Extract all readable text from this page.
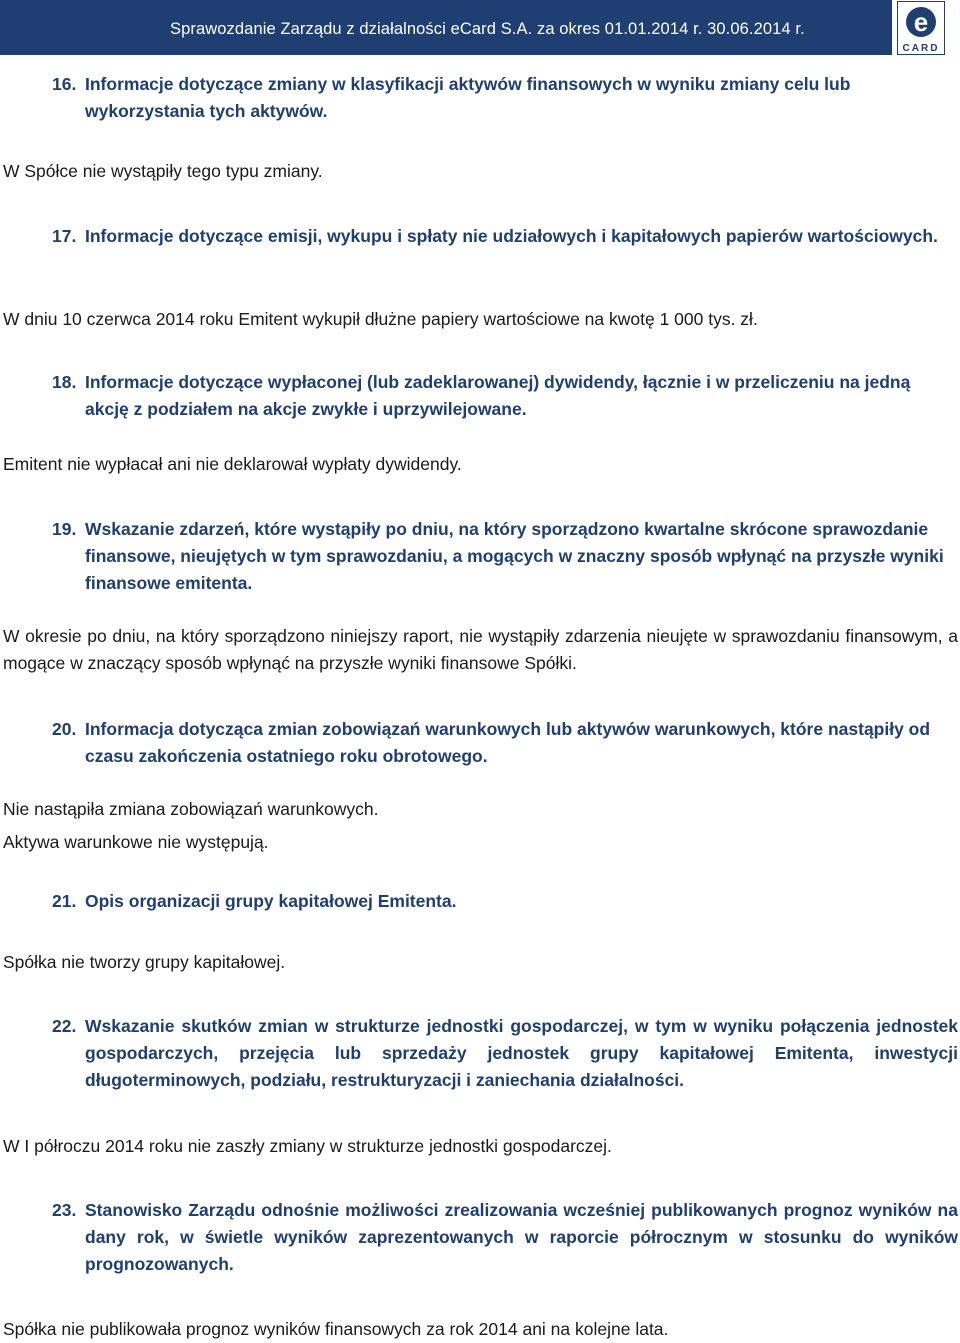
Sprawozdanie Zarządu z działalności eCard S.A. za okres 01.01.2014 r. 30.06.2014 r.	e
CARD
16. Informacje dotyczące zmiany w klasyfikacji aktywów finansowych w wyniku zmiany celu lub wykorzystania tych aktywów.
W Spółce nie wystąpiły tego typu zmiany.
17. Informacje dotyczące emisji, wykupu i spłaty nie udziałowych i kapitałowych papierów wartościowych.
W dniu 10 czerwca 2014 roku Emitent wykupił dłużne papiery wartościowe na kwotę 1 000 tys. zł.
18. Informacje dotyczące wypłaconej (lub zadeklarowanej) dywidendy, łącznie i w przeliczeniu na jedną akcję z podziałem na akcje zwykłe i uprzywilejowane.
Emitent nie wypłacał ani nie deklarował wypłaty dywidendy.
19. Wskazanie zdarzeń, które wystąpiły po dniu, na który sporządzono kwartalne skrócone sprawozdanie finansowe, nieujętych w tym sprawozdaniu, a mogących w znaczny sposób wpłynąć na przyszłe wyniki finansowe emitenta.
W okresie po dniu, na który sporządzono niniejszy raport, nie wystąpiły zdarzenia nieujęte w sprawozdaniu finansowym, a mogące w znaczący sposób wpłynąć na przyszłe wyniki finansowe Spółki.
20. Informacja dotycząca zmian zobowiązań warunkowych lub aktywów warunkowych, które nastąpiły od czasu zakończenia ostatniego roku obrotowego.
Nie nastąpiła zmiana zobowiązań warunkowych.
Aktywa warunkowe nie występują.
21. Opis organizacji grupy kapitałowej Emitenta.
Spółka nie tworzy grupy kapitałowej.
22. Wskazanie skutków zmian w strukturze jednostki gospodarczej, w tym w wyniku połączenia jednostek gospodarczych, przejęcia lub sprzedaży jednostek grupy kapitałowej Emitenta, inwestycji długoterminowych, podziału, restrukturyzacji i zaniechania działalności.
W I półroczu 2014 roku nie zaszły zmiany w strukturze jednostki gospodarczej.
23. Stanowisko Zarządu odnośnie możliwości zrealizowania wcześniej publikowanych prognoz wyników na dany rok, w świetle wyników zaprezentowanych w raporcie półrocznym w stosunku do wyników prognozowanych.
Spółka nie publikowała prognoz wyników finansowych za rok 2014 ani na kolejne lata.
